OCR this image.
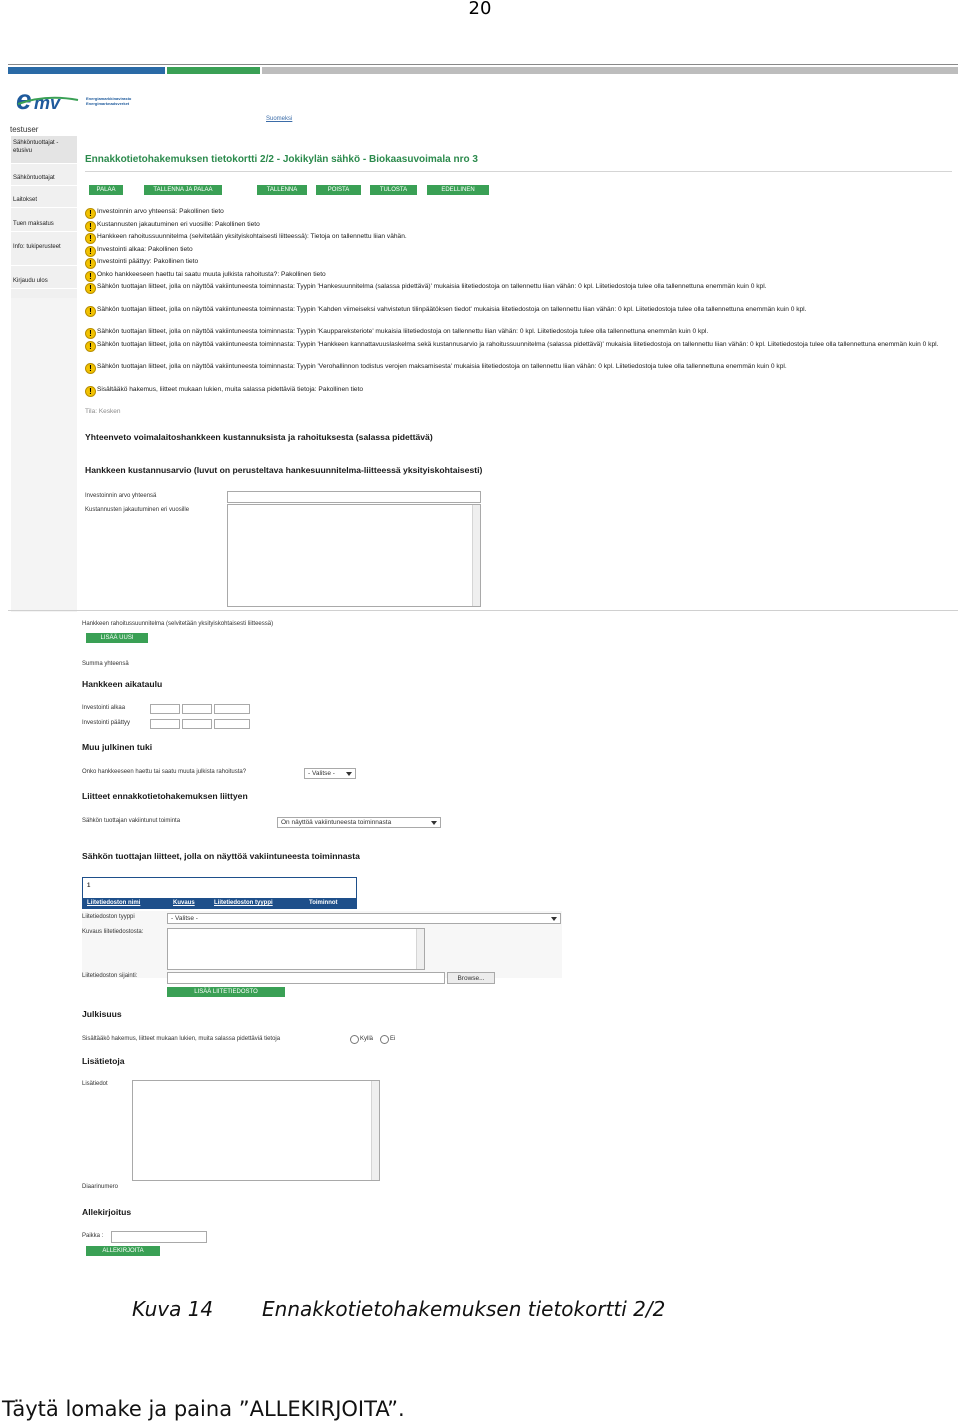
20
e mv	Energiamarkkinavirasto
Energimarknadsverket
Suomeksi
testuser
Sähköntuottajat - etusivu
Sähköntuottajat
Laitokset
Tuen maksatus
Info: tukiperusteet
Kirjaudu ulos
Ennakkotietohakemuksen tietokortti 2/2 - Jokikylän sähkö - Biokaasuvoimala nro 3
PALAA	TALLENNA JA PALAA	TALLENNA	POISTA	TULOSTA	EDELLINEN
! Investoinnin arvo yhteensä: Pakollinen tieto
! Kustannusten jakautuminen eri vuosille: Pakollinen tieto
! Hankkeen rahoitussuunnitelma (selvitetään yksityiskohtaisesti liitteessä): Tietoja on tallennettu liian vähän.
! Investointi alkaa: Pakollinen tieto
! Investointi päättyy: Pakollinen tieto
! Onko hankkeeseen haettu tai saatu muuta julkista rahoitusta?: Pakollinen tieto
! Sähkön tuottajan liitteet, jolla on näyttöä vakiintuneesta toiminnasta: Tyypin 'Hankesuunnitelma (salassa pidettävä)' mukaisia liitetiedostoja on tallennettu liian vähän: 0 kpl. Liitetiedostoja tulee olla tallennettuna enemmän kuin 0 kpl.
! Sähkön tuottajan liitteet, jolla on näyttöä vakiintuneesta toiminnasta: Tyypin 'Kahden viimeiseksi vahvistetun tilinpäätöksen tiedot' mukaisia liitetiedostoja on tallennettu liian vähän: 0 kpl. Liitetiedostoja tulee olla tallennettuna enemmän kuin 0 kpl.
! Sähkön tuottajan liitteet, jolla on näyttöä vakiintuneesta toiminnasta: Tyypin 'Kauppareksteriote' mukaisia liitetiedostoja on tallennettu liian vähän: 0 kpl. Liitetiedostoja tulee olla tallennettuna enemmän kuin 0 kpl.
! Sähkön tuottajan liitteet, jolla on näyttöä vakiintuneesta toiminnasta: Tyypin 'Hankkeen kannattavuuslaskelma sekä kustannusarvio ja rahoitussuunnitelma (salassa pidettävä)' mukaisia liitetiedostoja on tallennettu liian vähän: 0 kpl. Liitetiedostoja tulee olla tallennettuna enemmän kuin 0 kpl.
! Sähkön tuottajan liitteet, jolla on näyttöä vakiintuneesta toiminnasta: Tyypin 'Verohallinnon todistus verojen maksamisesta' mukaisia liitetiedostoja on tallennettu liian vähän: 0 kpl. Liitetiedostoja tulee olla tallennettuna enemmän kuin 0 kpl.
! Sisältääkö hakemus, liitteet mukaan lukien, muita salassa pidettäviä tietoja: Pakollinen tieto
Tila: Kesken
Yhteenveto voimalaitoshankkeen kustannuksista ja rahoituksesta (salassa pidettävä)
Hankkeen kustannusarvio (luvut on perusteltava hankesuunnitelma-liitteessä yksityiskohtaisesti)
Investoinnin arvo yhteensä
Kustannusten jakautuminen eri vuosille
Hankkeen rahoitussuunnitelma (selvitetään yksityiskohtaisesti liitteessä)
LISÄÄ UUSI
Summa yhteensä
Hankkeen aikataulu
Investointi alkaa
Investointi päättyy
Muu julkinen tuki
Onko hankkeeseen haettu tai saatu muuta julkista rahoitusta?	- Valitse -
Liitteet ennakkotietohakemuksen liittyen
Sähkön tuottajan vakiintunut toiminta	On näyttöä vakiintuneesta toiminnasta
Sähkön tuottajan liitteet, jolla on näyttöä vakiintuneesta toiminnasta
1
Liitetiedoston nimi	Kuvaus	Liitetiedoston tyyppi	Toiminnot
Liitetiedoston tyyppi	- Valitse -
Kuvaus liitetiedostosta:
Liitetiedoston sijainti:	Browse...
LISÄÄ LIITETIEDOSTO
Julkisuus
Sisältääkö hakemus, liitteet mukaan lukien, muita salassa pidettäviä tietoja	Kyllä	Ei
Lisätietoja
Lisätiedot
Diaarinumero
Allekirjoitus
Paikka :
ALLEKIRJOITA
Kuva 14 Ennakkotietohakemuksen tietokortti 2/2
Täytä lomake ja paina ”ALLEKIRJOITA”.
